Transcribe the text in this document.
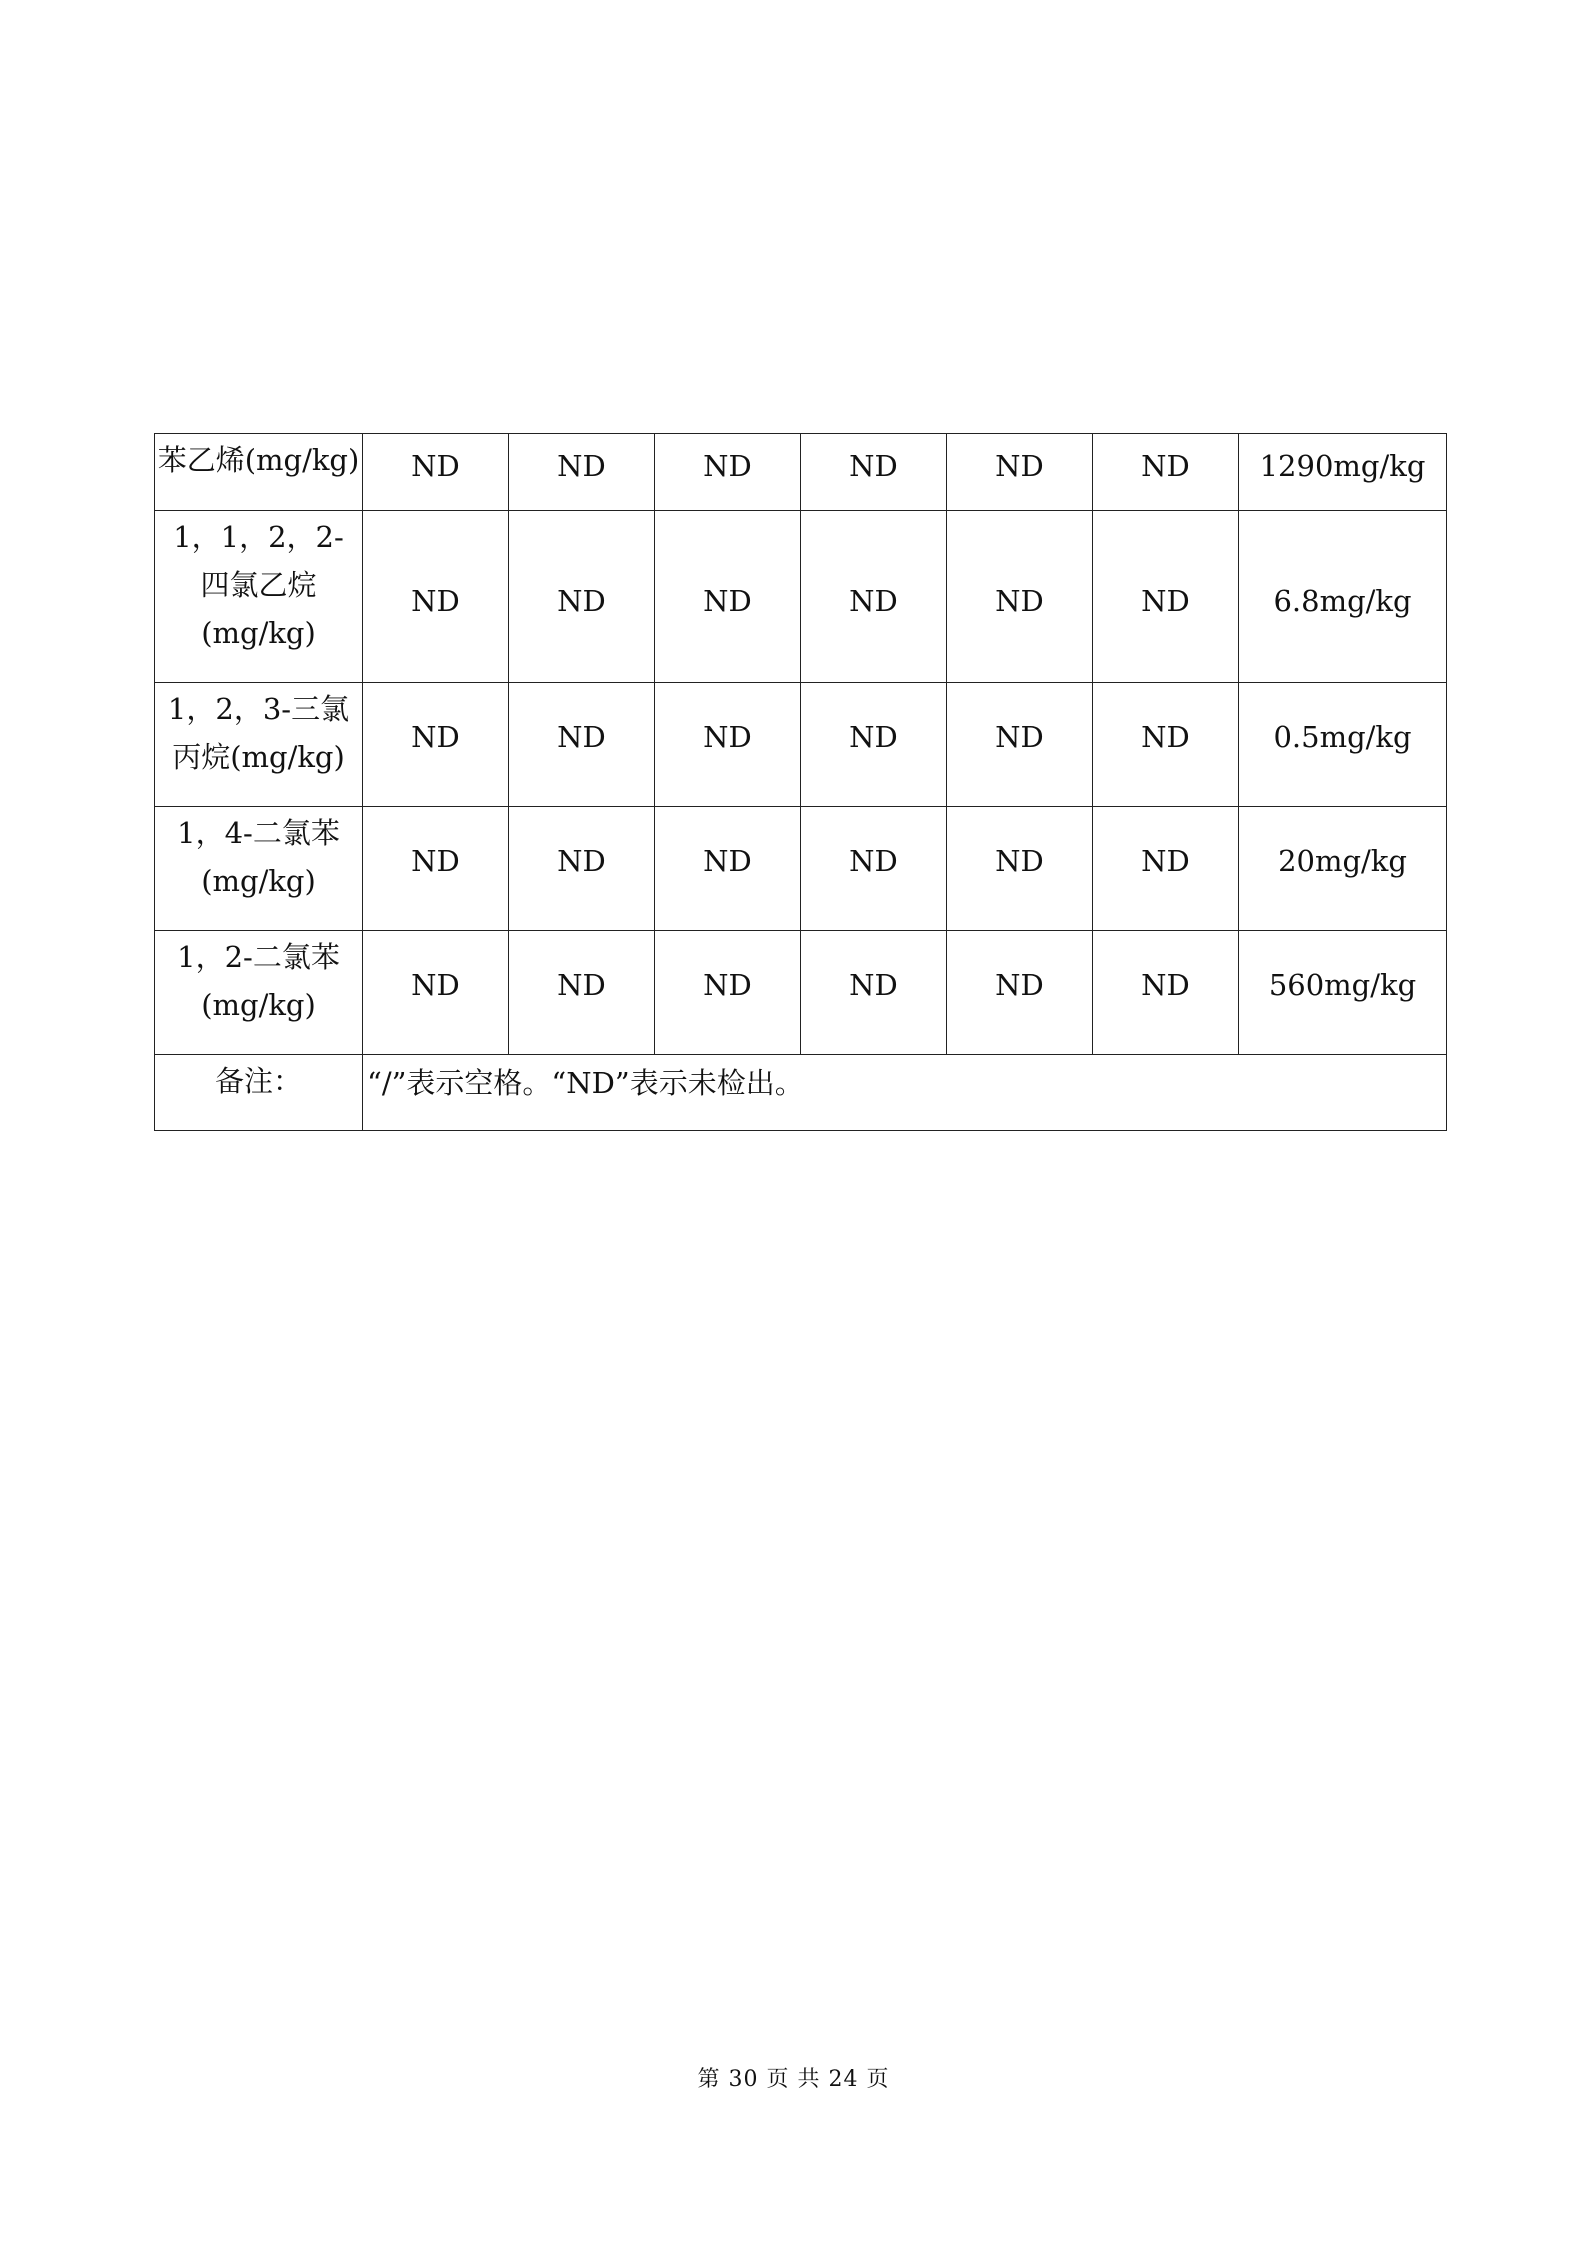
苯乙烯(mg/kg)	ND	ND	ND	ND	ND	ND	1290mg/kg
1，1，2，2-
四氯乙烷
(mg/kg)	ND	ND	ND	ND	ND	ND	6.8mg/kg
1，2，3-三氯
丙烷(mg/kg)	ND	ND	ND	ND	ND	ND	0.5mg/kg
1，4-二氯苯
(mg/kg)	ND	ND	ND	ND	ND	ND	20mg/kg
1，2-二氯苯
(mg/kg)	ND	ND	ND	ND	ND	ND	560mg/kg
备注：	“/”表示空格。“ND”表示未检出。						
第 30 页 共 24 页
